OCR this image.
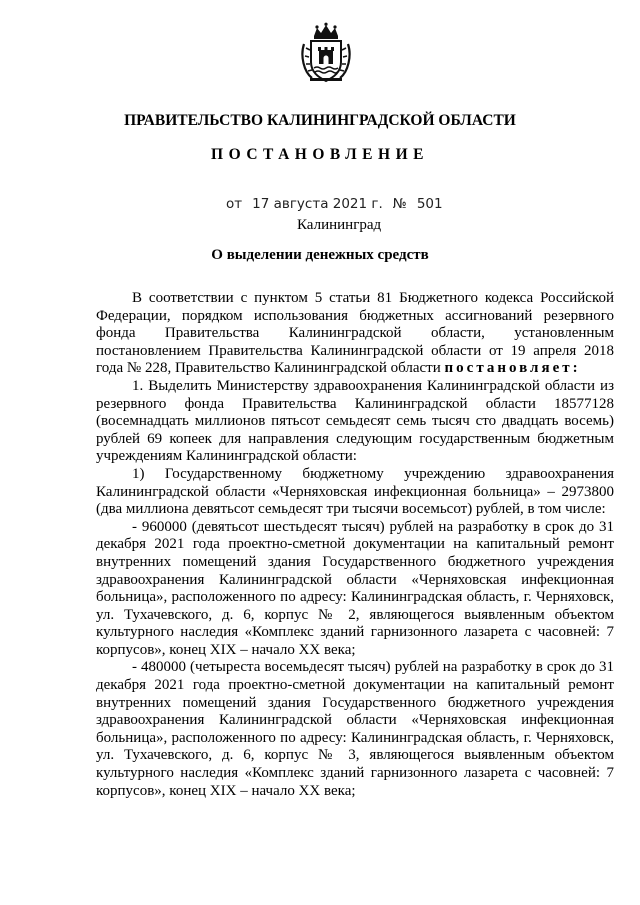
ПРАВИТЕЛЬСТВО КАЛИНИНГРАДСКОЙ ОБЛАСТИ
ПОСТАНОВЛЕНИЕ
от 17 августа 2021 г. № 501
Калининград
О выделении денежных средств

В соответствии с пунктом 5 статьи 81 Бюджетного кодекса Российской Федерации, порядком использования бюджетных ассигнований резервного фонда Правительства Калининградской области, установленным постановлением Правительства Калининградской области от 19 апреля 2018 года № 228, Правительство Калининградской области постановляет:

1. Выделить Министерству здравоохранения Калининградской области из резервного фонда Правительства Калининградской области 18577128 (восемнадцать миллионов пятьсот семьдесят семь тысяч сто двадцать восемь) рублей 69 копеек для направления следующим государственным бюджетным учреждениям Калининградской области:

1) Государственному бюджетному учреждению здравоохранения Калининградской области «Черняховская инфекционная больница» – 2973800 (два миллиона девятьсот семьдесят три тысячи восемьсот) рублей, в том числе:

- 960000 (девятьсот шестьдесят тысяч) рублей на разработку в срок до 31 декабря 2021 года проектно-сметной документации на капитальный ремонт внутренних помещений здания Государственного бюджетного учреждения здравоохранения Калининградской области «Черняховская инфекционная больница», расположенного по адресу: Калининградская область, г. Черняховск, ул. Тухачевского, д. 6, корпус № 2, являющегося выявленным объектом культурного наследия «Комплекс зданий гарнизонного лазарета с часовней: 7 корпусов», конец XIX – начало XX века;

- 480000 (четыреста восемьдесят тысяч) рублей на разработку в срок до 31 декабря 2021 года проектно-сметной документации на капитальный ремонт внутренних помещений здания Государственного бюджетного учреждения здравоохранения Калининградской области «Черняховская инфекционная больница», расположенного по адресу: Калининградская область, г. Черняховск, ул. Тухачевского, д. 6, корпус № 3, являющегося выявленным объектом культурного наследия «Комплекс зданий гарнизонного лазарета с часовней: 7 корпусов», конец XIX – начало XX века;
